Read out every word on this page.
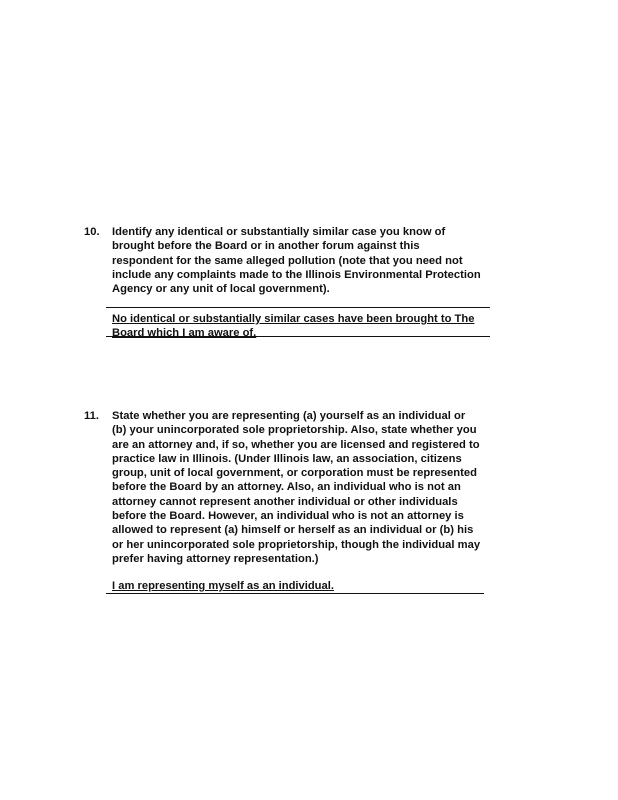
10. Identify any identical or substantially similar case you know of brought before the Board or in another forum against this respondent for the same alleged pollution (note that you need not include any complaints made to the Illinois Environmental Protection Agency or any unit of local government).

No identical or substantially similar cases have been brought to The Board which I am aware of.

11. State whether you are representing (a) yourself as an individual or (b) your unincorporated sole proprietorship. Also, state whether you are an attorney and, if so, whether you are licensed and registered to practice law in Illinois. (Under Illinois law, an association, citizens group, unit of local government, or corporation must be represented before the Board by an attorney. Also, an individual who is not an attorney cannot represent another individual or other individuals before the Board. However, an individual who is not an attorney is allowed to represent (a) himself or herself as an individual or (b) his or her unincorporated sole proprietorship, though the individual may prefer having attorney representation.)

I am representing myself as an individual.
